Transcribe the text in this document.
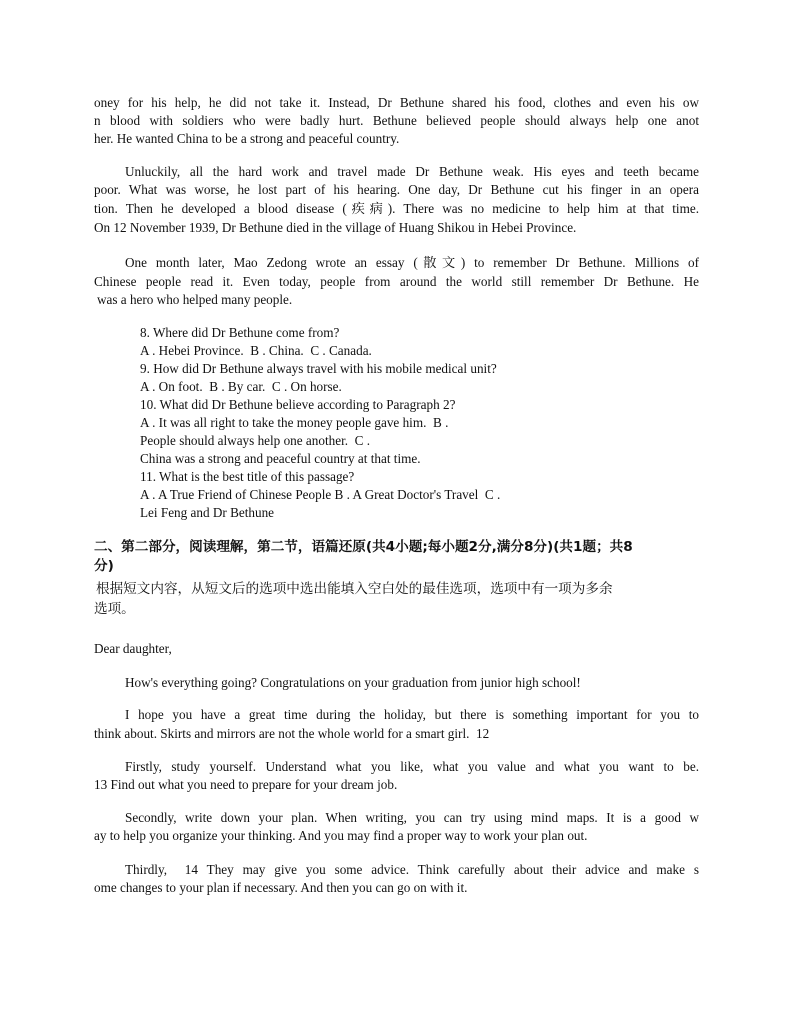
oney for his help, he did not take it. Instead, Dr Bethune shared his food, clothes and even his ow
n blood with soldiers who were badly hurt. Bethune believed people should always help one anot
her. He wanted China to be a strong and peaceful country.
Unluckily, all the hard work and travel made Dr Bethune weak. His eyes and teeth became
poor. What was worse, he lost part of his hearing. One day, Dr Bethune cut his finger in an opera
tion. Then he developed a blood disease (疾病). There was no medicine to help him at that time.
On 12 November 1939, Dr Bethune died in the village of Huang Shikou in Hebei Province.
One month later, Mao Zedong wrote an essay (散文) to remember Dr Bethune. Millions of
Chinese people read it. Even today, people from around the world still remember Dr Bethune. He
was a hero who helped many people.
8. Where did Dr Bethune come from?
A . Hebei Province.  B . China.  C . Canada.
9. How did Dr Bethune always travel with his mobile medical unit?
A . On foot.  B . By car.  C . On horse.
10. What did Dr Bethune believe according to Paragraph 2?
A . It was all right to take the money people gave him.  B .
People should always help one another.  C .
China was a strong and peaceful country at that time.
11. What is the best title of this passage?
A . A True Friend of Chinese People B . A Great Doctor's Travel  C .
Lei Feng and Dr Bethune
二、第二部分，阅读理解，第二节，语篇还原(共4小题;每小题2分,满分8分)(共1题；共8
分)
根据短文内容，从短文后的选项中选出能填入空白处的最佳选项，选项中有一项为多余
选项。
Dear daughter,
How's everything going? Congratulations on your graduation from junior high school!
I hope you have a great time during the holiday, but there is something important for you to
think about. Skirts and mirrors are not the whole world for a smart girl.  12
Firstly, study yourself. Understand what you like, what you value and what you want to be.
13 Find out what you need to prepare for your dream job.
Secondly, write down your plan. When writing, you can try using mind maps. It is a good w
ay to help you organize your thinking. And you may find a proper way to work your plan out.
Thirdly,  14 They may give you some advice. Think carefully about their advice and make s
ome changes to your plan if necessary. And then you can go on with it.
